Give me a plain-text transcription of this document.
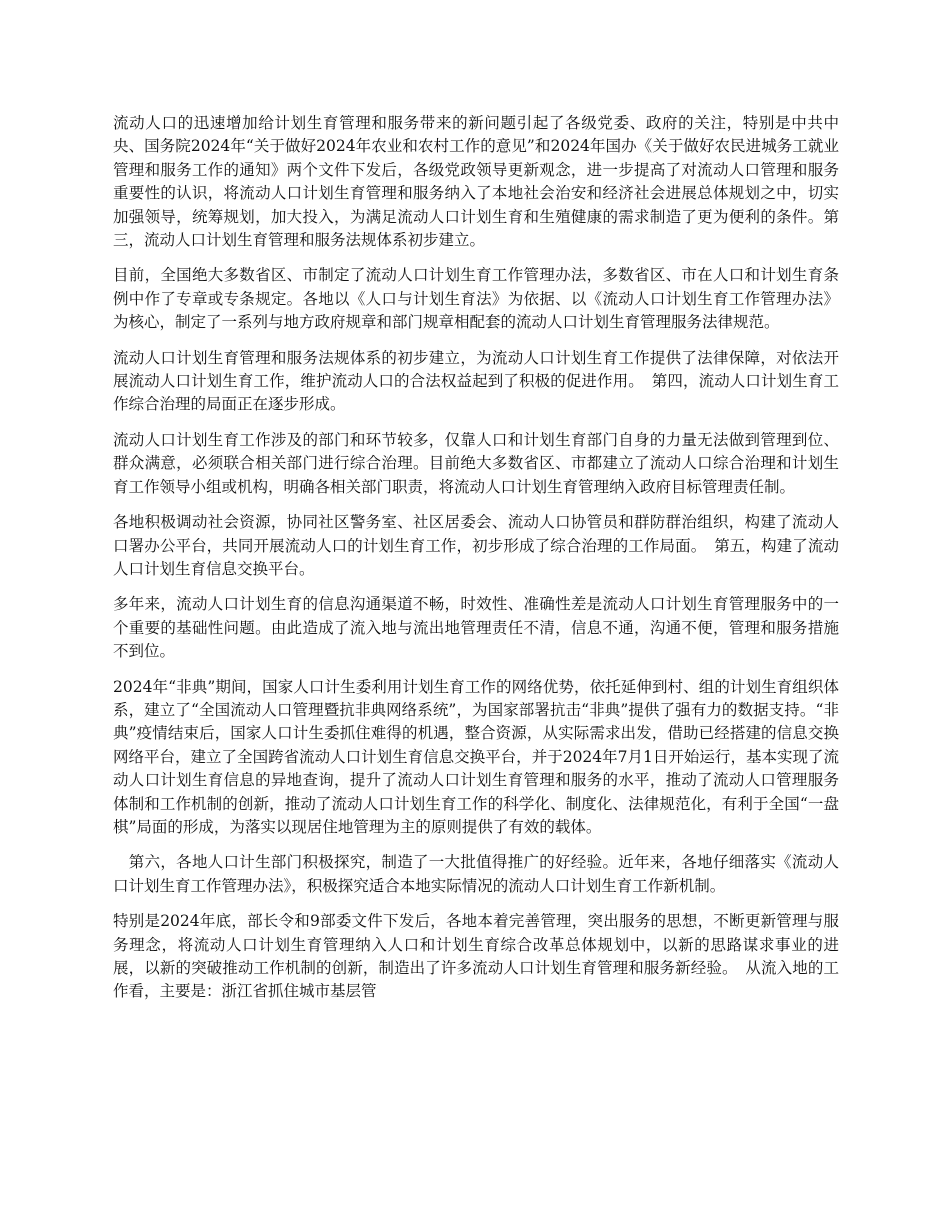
流动人口的迅速增加给计划生育管理和服务带来的新问题引起了各级党委、政府的关注，特别是中共中央、国务院2024年“关于做好2024年农业和农村工作的意见”和2024年国办《关于做好农民进城务工就业管理和服务工作的通知》两个文件下发后，各级党政领导更新观念，进一步提高了对流动人口管理和服务重要性的认识，将流动人口计划生育管理和服务纳入了本地社会治安和经济社会进展总体规划之中，切实加强领导，统筹规划，加大投入，为满足流动人口计划生育和生殖健康的需求制造了更为便利的条件。第三，流动人口计划生育管理和服务法规体系初步建立。

目前，全国绝大多数省区、市制定了流动人口计划生育工作管理办法，多数省区、市在人口和计划生育条例中作了专章或专条规定。各地以《人口与计划生育法》为依据、以《流动人口计划生育工作管理办法》为核心，制定了一系列与地方政府规章和部门规章相配套的流动人口计划生育管理服务法律规范。

流动人口计划生育管理和服务法规体系的初步建立，为流动人口计划生育工作提供了法律保障，对依法开展流动人口计划生育工作，维护流动人口的合法权益起到了积极的促进作用。　第四，流动人口计划生育工作综合治理的局面正在逐步形成。

流动人口计划生育工作涉及的部门和环节较多，仅靠人口和计划生育部门自身的力量无法做到管理到位、群众满意，必须联合相关部门进行综合治理。目前绝大多数省区、市都建立了流动人口综合治理和计划生育工作领导小组或机构，明确各相关部门职责，将流动人口计划生育管理纳入政府目标管理责任制。

各地积极调动社会资源，协同社区警务室、社区居委会、流动人口协管员和群防群治组织，构建了流动人口署办公平台，共同开展流动人口的计划生育工作，初步形成了综合治理的工作局面。　第五，构建了流动人口计划生育信息交换平台。

多年来，流动人口计划生育的信息沟通渠道不畅，时效性、准确性差是流动人口计划生育管理服务中的一个重要的基础性问题。由此造成了流入地与流出地管理责任不清，信息不通，沟通不便，管理和服务措施不到位。

2024年“非典”期间，国家人口计生委利用计划生育工作的网络优势，依托延伸到村、组的计划生育组织体系，建立了“全国流动人口管理暨抗非典网络系统”，为国家部署抗击“非典”提供了强有力的数据支持。“非典”疫情结束后，国家人口计生委抓住难得的机遇，整合资源，从实际需求出发，借助已经搭建的信息交换网络平台，建立了全国跨省流动人口计划生育信息交换平台，并于2024年7月1日开始运行，基本实现了流动人口计划生育信息的异地查询，提升了流动人口计划生育管理和服务的水平，推动了流动人口管理服务体制和工作机制的创新，推动了流动人口计划生育工作的科学化、制度化、法律规范化，有利于全国“一盘棋”局面的形成，为落实以现居住地管理为主的原则提供了有效的载体。

　第六，各地人口计生部门积极探究，制造了一大批值得推广的好经验。近年来，各地仔细落实《流动人口计划生育工作管理办法》，积极探究适合本地实际情况的流动人口计划生育工作新机制。

特别是2024年底，部长令和9部委文件下发后，各地本着完善管理，突出服务的思想，不断更新管理与服务理念，将流动人口计划生育管理纳入人口和计划生育综合改革总体规划中，以新的思路谋求事业的进展，以新的突破推动工作机制的创新，制造出了许多流动人口计划生育管理和服务新经验。　从流入地的工作看，主要是：浙江省抓住城市基层管
